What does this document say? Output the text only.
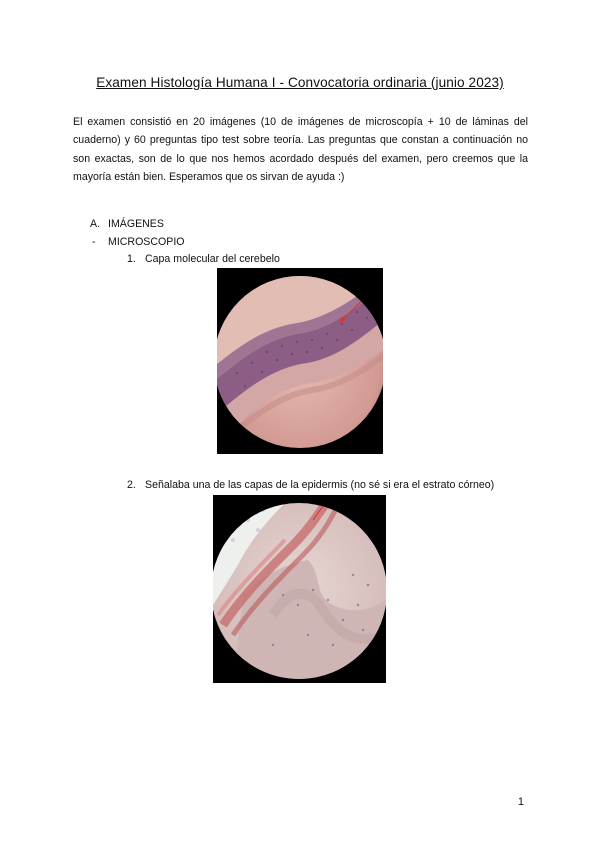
Examen Histología Humana I - Convocatoria ordinaria (junio 2023)
El examen consistió en 20 imágenes (10 de imágenes de microscopía + 10 de láminas del cuaderno) y 60 preguntas tipo test sobre teoría. Las preguntas que constan a continuación no son exactas, son de lo que nos hemos acordado después del examen, pero creemos que la mayoría están bien. Esperamos que os sirvan de ayuda :)
A. IMÁGENES
- MICROSCOPIO
1. Capa molecular del cerebelo
2. Señalaba una de las capas de la epidermis (no sé si era el estrato córneo)
1
